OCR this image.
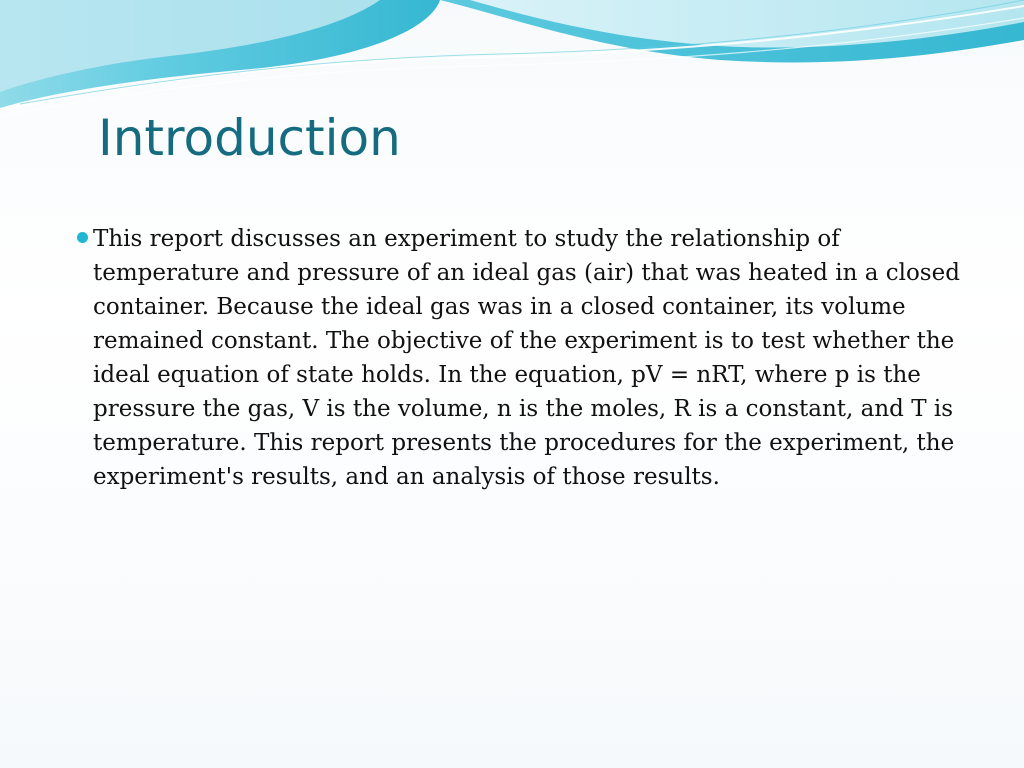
Introduction
This report discusses an experiment to study the relationship of temperature and pressure of an ideal gas (air) that was heated in a closed container. Because the ideal gas was in a closed container, its volume remained constant. The objective of the experiment is to test whether the ideal equation of state holds. In the equation, pV = nRT, where p is the pressure the gas, V is the volume, n is the moles, R is a constant, and T is temperature. This report presents the procedures for the experiment, the experiment's results, and an analysis of those results.
